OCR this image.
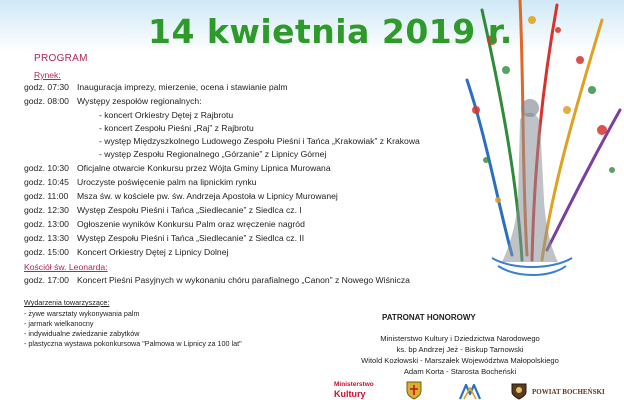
14 kwietnia 2019 r.
PROGRAM
Rynek:
godz. 07:30 Inauguracja imprezy, mierzenie, ocena i stawianie palm
godz. 08:00 Występy zespołów regionalnych:
- koncert Orkiestry Dętej z Rajbrotu
- koncert Zespołu Pieśni „Raj” z Rajbrotu
- występ Międzyszkolnego Ludowego Zespołu Pieśni i Tańca „Krakowiak” z Krakowa
- występ Zespołu Regionalnego „Górzanie” z Lipnicy Górnej
godz. 10:30 Oficjalne otwarcie Konkursu przez Wójta Gminy Lipnica Murowana
godz. 10:45 Uroczyste poświęcenie palm na lipnickim rynku
godz. 11:00 Msza św. w kościele pw. św. Andrzeja Apostoła w Lipnicy Murowanej
godz. 12:30 Występ Zespołu Pieśni i Tańca „Siedlecanie” z Siedlca cz. I
godz. 13:00 Ogłoszenie wyników Konkursu Palm oraz wręczenie nagród
godz. 13:30 Występ Zespołu Pieśni i Tańca „Siedlecanie” z Siedlca cz. II
godz. 15:00 Koncert Orkiestry Dętej z Lipnicy Dolnej
Kościół św. Leonarda:
godz. 17:00 Koncert Pieśni Pasyjnych w wykonaniu chóru parafialnego „Canon” z Nowego Wiśnicza
Wydarzenia towarzyszące:
- żywe warsztaty wykonywania palm
- jarmark wielkanocny
- indywidualne zwiedzanie zabytków
- plastyczna wystawa pokonkursowa "Palmowa w Lipnicy za 100 lat"
PATRONAT HONOROWY
Ministerstwo Kultury i Dziedzictwa Narodowego
ks. bp Andrzej Jeż - Biskup Tarnowski
Witold Kozłowski - Marszałek Województwa Małopolskiego
Adam Korta - Starosta Bocheński
Ministerstwo
Kultury	POWIAT BOCHEŃSKI
